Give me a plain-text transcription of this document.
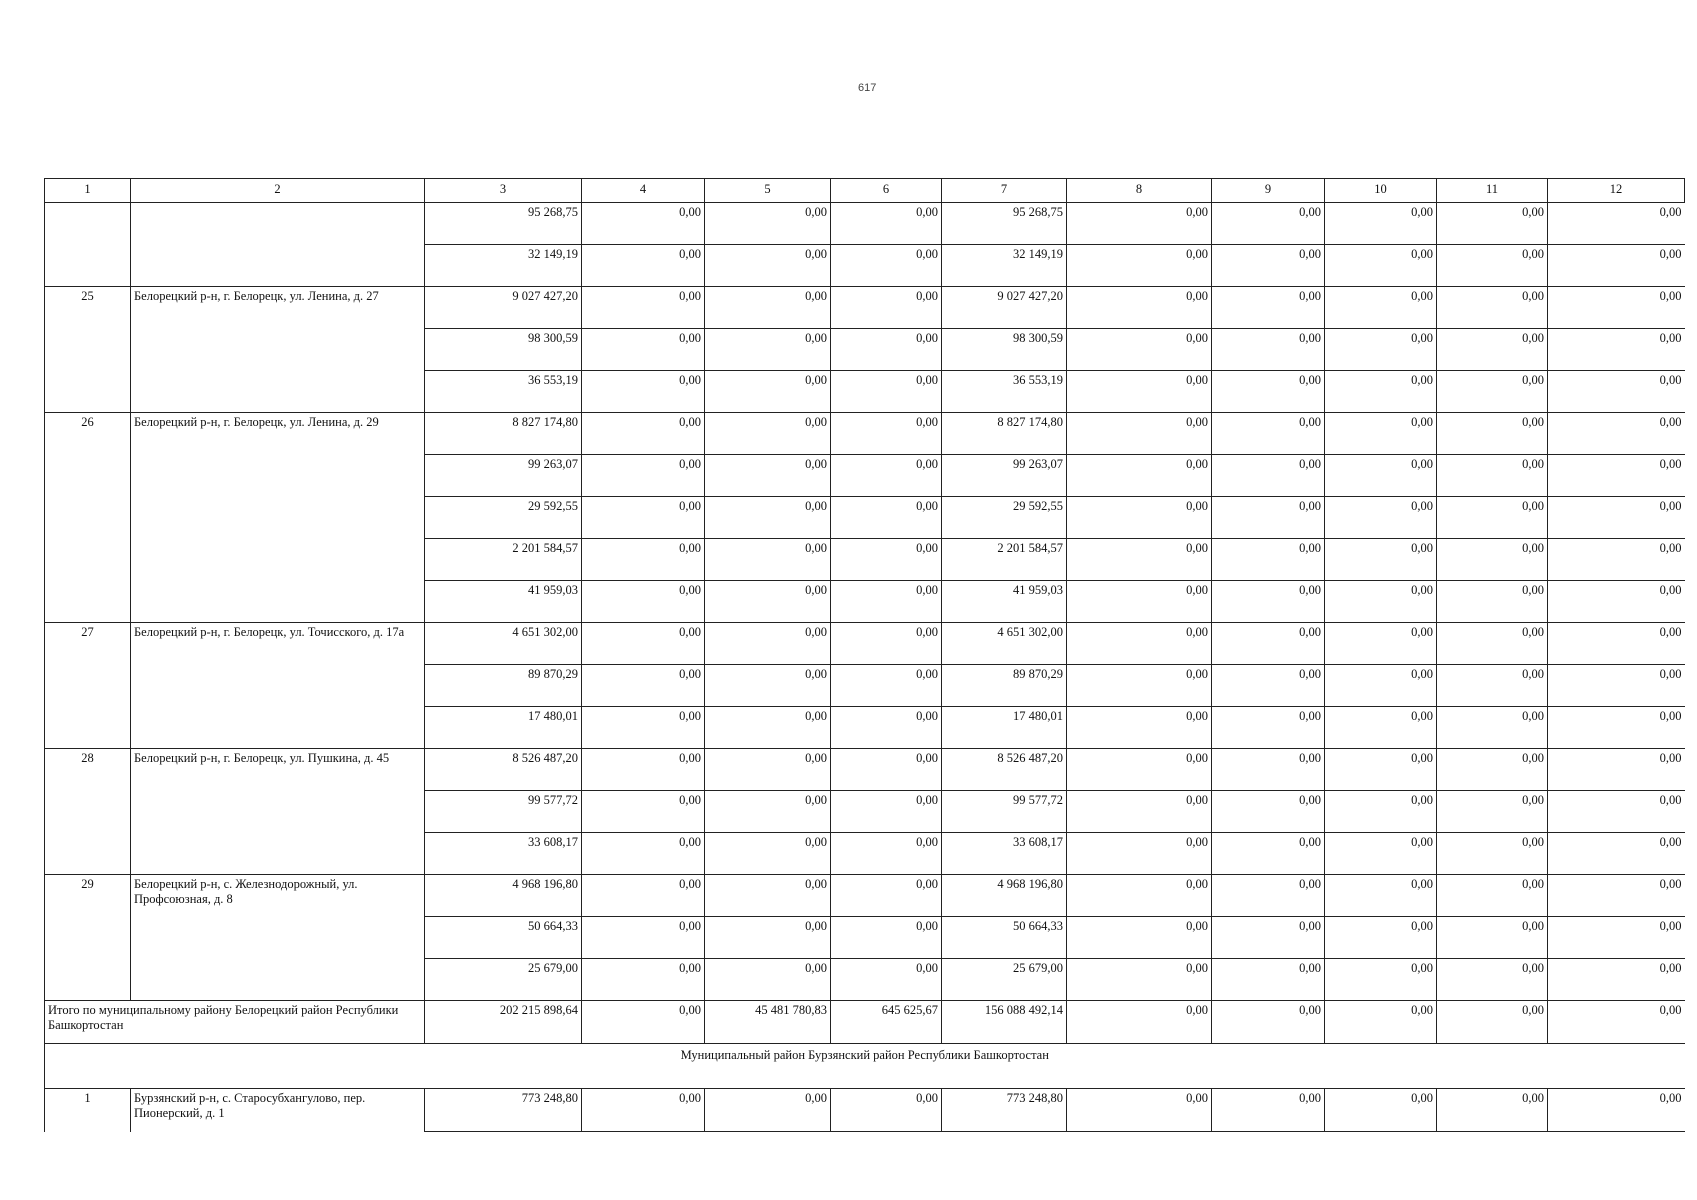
617
1	2	3	4	5	6	7	8	9	10	11	12
		95 268,75	0,00	0,00	0,00	95 268,75	0,00	0,00	0,00	0,00	0,00
		32 149,19	0,00	0,00	0,00	32 149,19	0,00	0,00	0,00	0,00	0,00
25	Белорецкий р-н, г. Белорецк, ул. Ленина, д. 27	9 027 427,20	0,00	0,00	0,00	9 027 427,20	0,00	0,00	0,00	0,00	0,00
		98 300,59	0,00	0,00	0,00	98 300,59	0,00	0,00	0,00	0,00	0,00
		36 553,19	0,00	0,00	0,00	36 553,19	0,00	0,00	0,00	0,00	0,00
26	Белорецкий р-н, г. Белорецк, ул. Ленина, д. 29	8 827 174,80	0,00	0,00	0,00	8 827 174,80	0,00	0,00	0,00	0,00	0,00
		99 263,07	0,00	0,00	0,00	99 263,07	0,00	0,00	0,00	0,00	0,00
		29 592,55	0,00	0,00	0,00	29 592,55	0,00	0,00	0,00	0,00	0,00
		2 201 584,57	0,00	0,00	0,00	2 201 584,57	0,00	0,00	0,00	0,00	0,00
		41 959,03	0,00	0,00	0,00	41 959,03	0,00	0,00	0,00	0,00	0,00
27	Белорецкий р-н, г. Белорецк, ул. Точисского, д. 17а	4 651 302,00	0,00	0,00	0,00	4 651 302,00	0,00	0,00	0,00	0,00	0,00
		89 870,29	0,00	0,00	0,00	89 870,29	0,00	0,00	0,00	0,00	0,00
		17 480,01	0,00	0,00	0,00	17 480,01	0,00	0,00	0,00	0,00	0,00
28	Белорецкий р-н, г. Белорецк, ул. Пушкина, д. 45	8 526 487,20	0,00	0,00	0,00	8 526 487,20	0,00	0,00	0,00	0,00	0,00
		99 577,72	0,00	0,00	0,00	99 577,72	0,00	0,00	0,00	0,00	0,00
		33 608,17	0,00	0,00	0,00	33 608,17	0,00	0,00	0,00	0,00	0,00
29	Белорецкий р-н, с. Железнодорожный, ул. Профсоюзная, д. 8	4 968 196,80	0,00	0,00	0,00	4 968 196,80	0,00	0,00	0,00	0,00	0,00
		50 664,33	0,00	0,00	0,00	50 664,33	0,00	0,00	0,00	0,00	0,00
		25 679,00	0,00	0,00	0,00	25 679,00	0,00	0,00	0,00	0,00	0,00
Итого по муниципальному району Белорецкий район Республики Башкортостан		202 215 898,64	0,00	45 481 780,83	645 625,67	156 088 492,14	0,00	0,00	0,00	0,00	0,00
Муниципальный район Бурзянский район Республики Башкортостан											
1	Бурзянский р-н, с. Старосубхангулово, пер. Пионерский, д. 1	773 248,80	0,00	0,00	0,00	773 248,80	0,00	0,00	0,00	0,00	0,00
